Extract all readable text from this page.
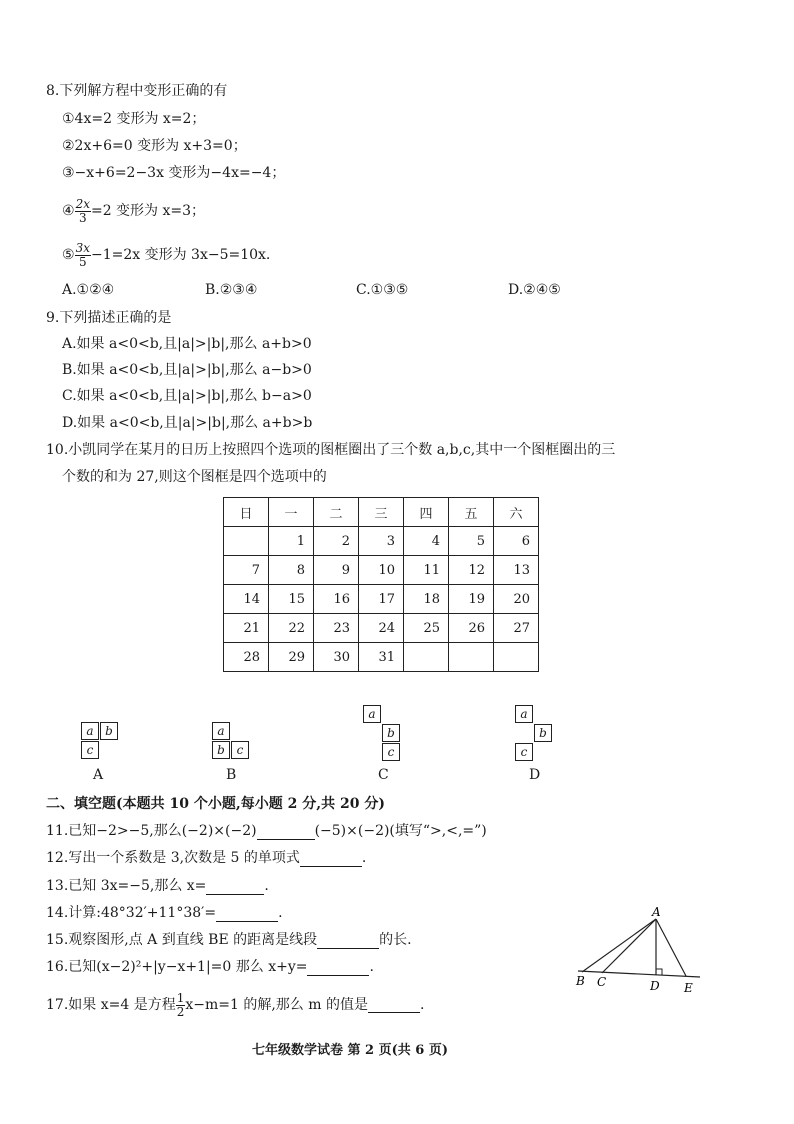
8.下列解方程中变形正确的有
①4x=2 变形为 x=2；
②2x+6=0 变形为 x+3=0；
③−x+6=2−3x 变形为−4x=−4；
④ $\frac{2x}{3} =2$ 变形为 x=3；
⑤ $\frac{3x}{5} -1=2x$ 变形为 3x−5=10x.
A.①②④	B.②③④	C.①③⑤	D.②④⑤
9.下列描述正确的是
A.如果 a<0<b,且|a|>|b|,那么 a+b>0
B.如果 a<0<b,且|a|>|b|,那么 a−b>0
C.如果 a<0<b,且|a|>|b|,那么 b−a>0
D.如果 a<0<b,且|a|>|b|,那么 a+b>b
10.小凯同学在某月的日历上按照四个选项的图框圈出了三个数 a,b,c,其中一个图框圈出的三
个数的和为 27,则这个图框是四个选项中的
日	一	二	三	四	五	六
	1	2	3	4	5	6
7	8	9	10	11	12	13
14	15	16	17	18	19	20
21	22	23	24	25	26	27
28	29	30	31			
a b
c
A
a
b c
B
a
b
c
C
a
b
c
D
二、填空题(本题共 10 个小题,每小题 2 分,共 20 分)
11.已知−2>−5,那么(−2)×(−2)	(−5)×(−2)(填写“>,<,=”)
12.写出一个系数是 3,次数是 5 的单项式	.
13.已知 3x=−5,那么 x=	.
14.计算:48°32′+11°38′=	.
15.观察图形,点 A 到直线 BE 的距离是线段	的长.
16.已知(x−2)²+|y−x+1|=0 那么 x+y=	.
17.如果 x=4 是方程 $\frac{1}{2} x-m=1$ 的解,那么 m 的值是	.
A
B C	D E
七年级数学试卷 第 2 页(共 6 页)
